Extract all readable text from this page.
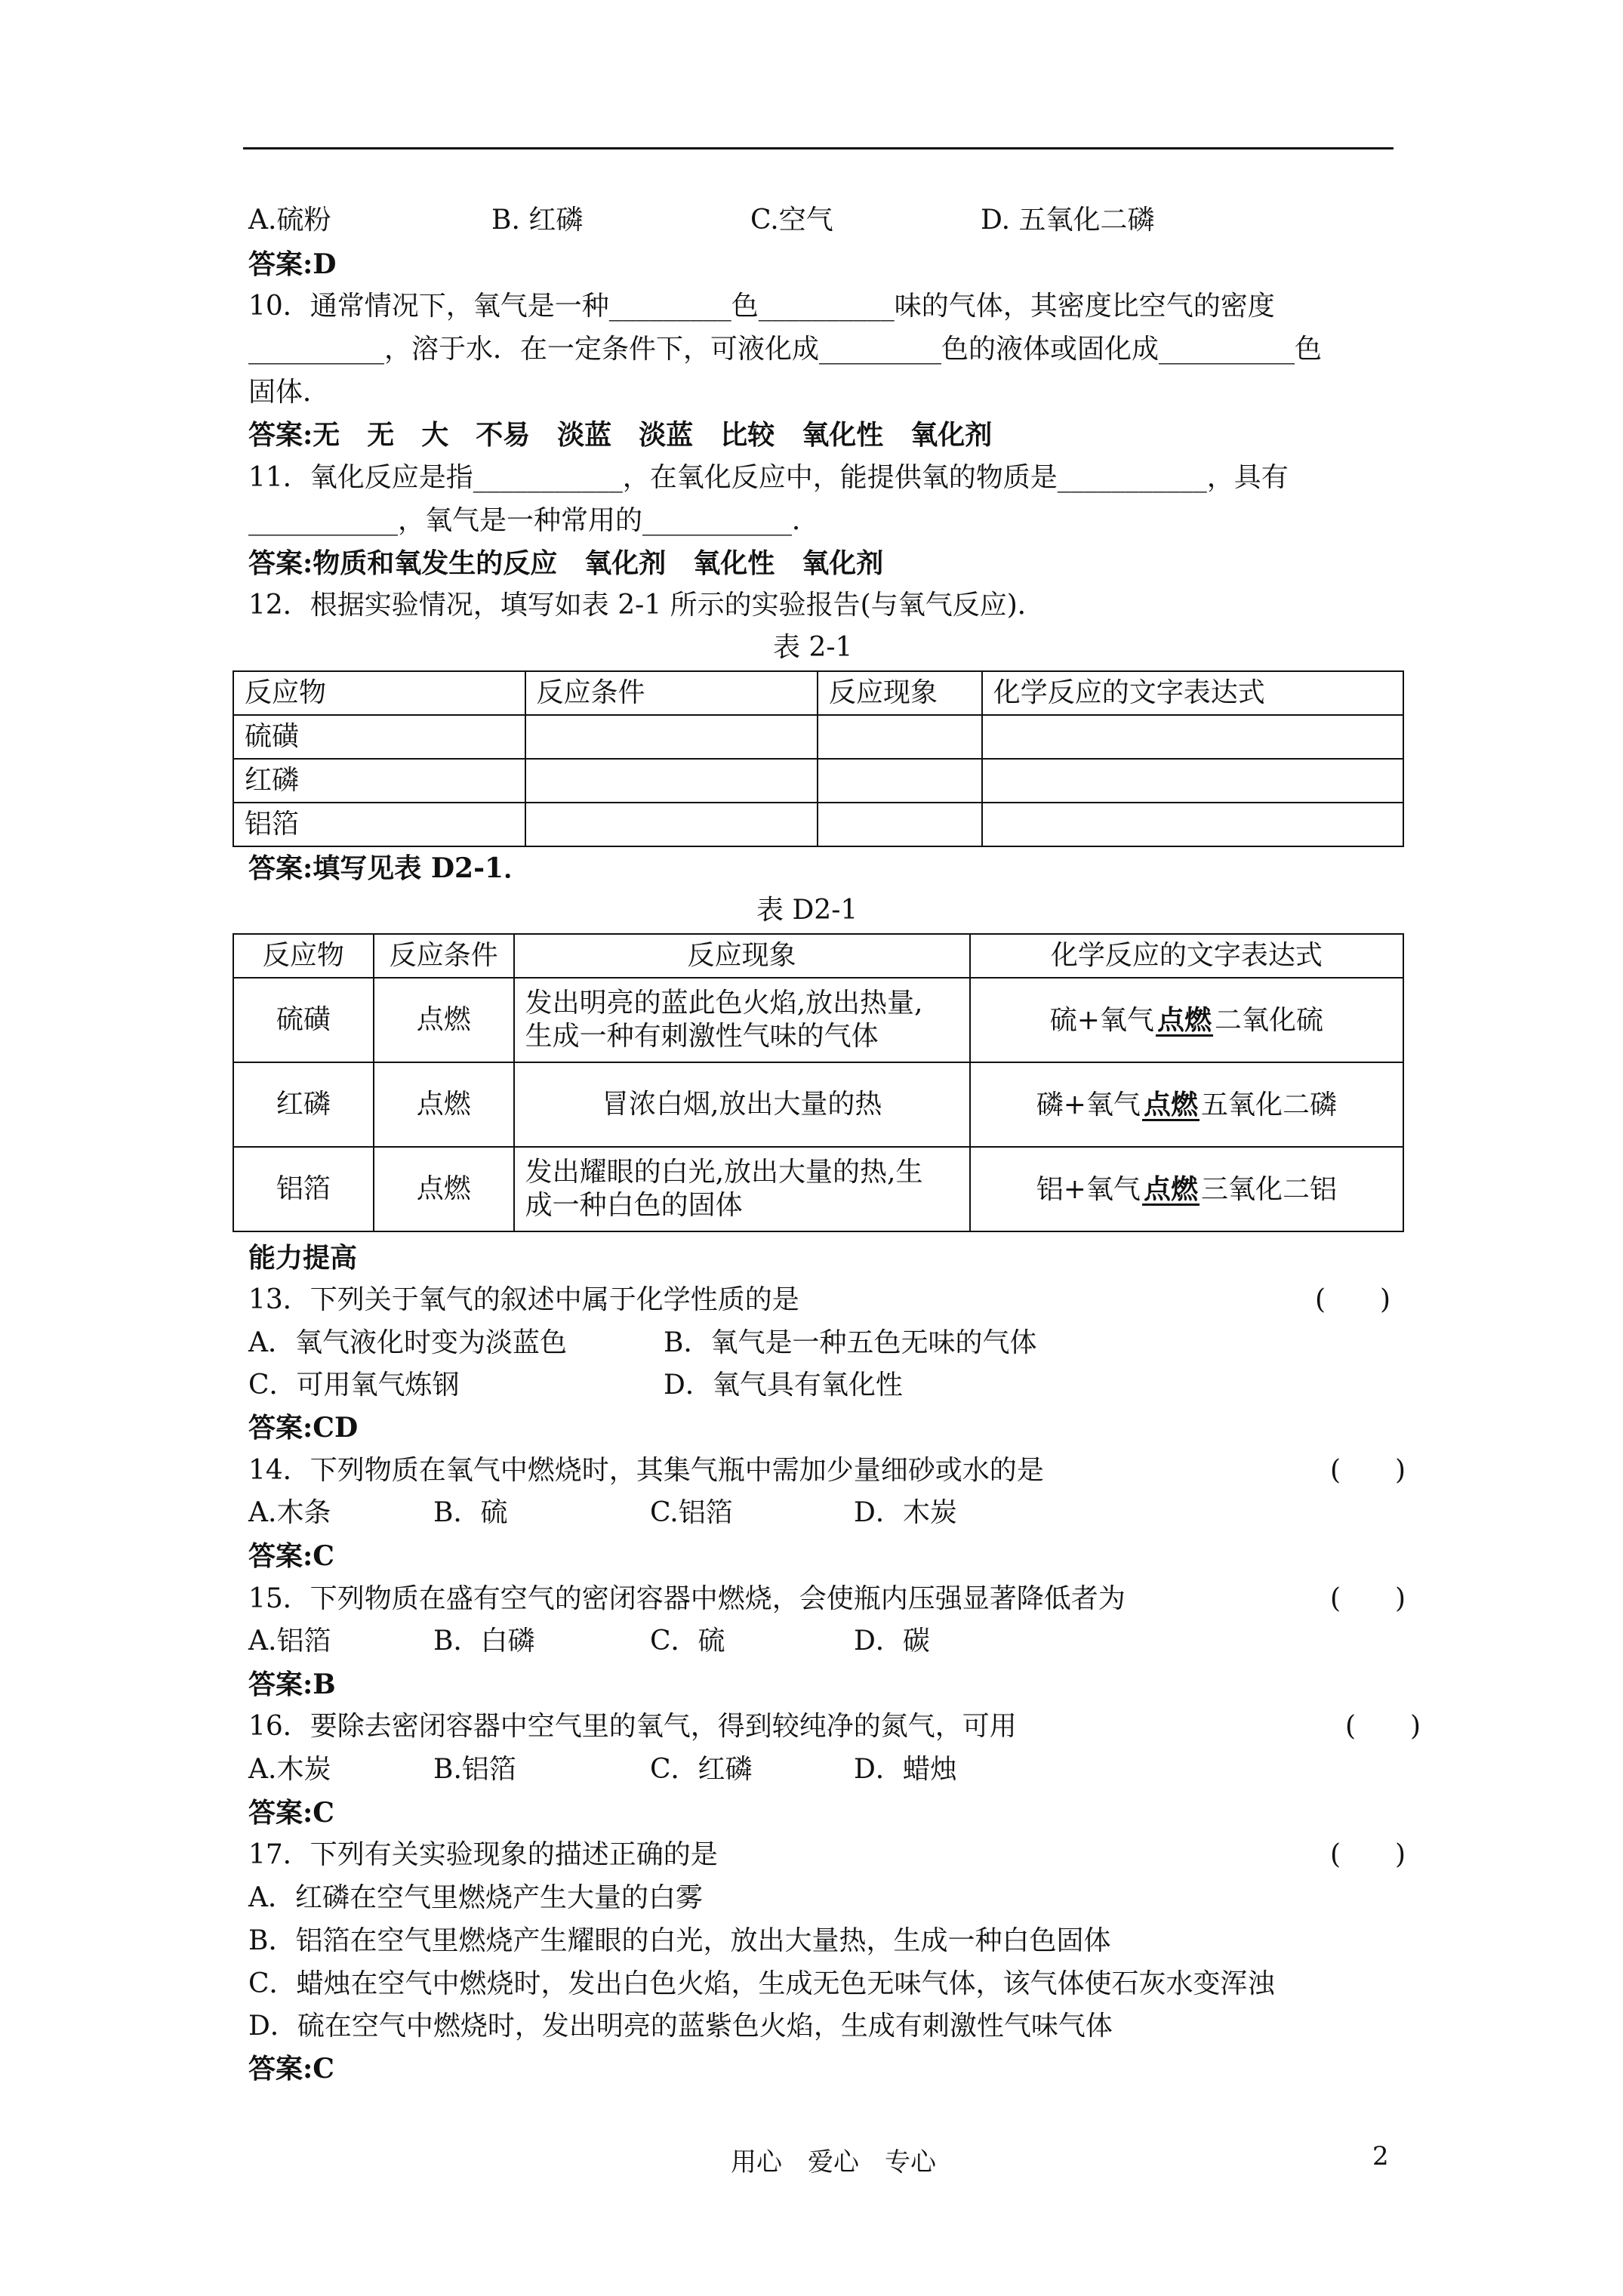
A.硫粉	B. 红磷	C.空气	D. 五氧化二磷
答案:D
10．通常情况下，氧气是一种_________色__________味的气体，其密度比空气的密度
__________，溶于水．在一定条件下，可液化成_________色的液体或固化成__________色
固体．
答案:无　无　大　不易　淡蓝　淡蓝　比较　氧化性　氧化剂
11．氧化反应是指___________，在氧化反应中，能提供氧的物质是___________，具有
___________，氧气是一种常用的___________．
答案:物质和氧发生的反应　氧化剂　氧化性　氧化剂
12．根据实验情况，填写如表 2-1 所示的实验报告(与氧气反应)．
表 2-1
反应物	反应条件	反应现象	化学反应的文字表达式
硫磺			
红磷			
铝箔			
答案:填写见表 D2-1．
表 D2-1
反应物	反应条件	反应现象	化学反应的文字表达式
硫磺	点燃	发出明亮的蓝此色火焰,放出热量,
生成一种有刺激性气味的气体	硫+氧气 点燃 二氧化硫
红磷	点燃	冒浓白烟,放出大量的热	磷+氧气 点燃 五氧化二磷
铝箔	点燃	发出耀眼的白光,放出大量的热,生
成一种白色的固体	铝+氧气 点燃 三氧化二铝
能力提高
13．下列关于氧气的叙述中属于化学性质的是	(　　)
A．氧气液化时变为淡蓝色	B．氧气是一种五色无味的气体
C．可用氧气炼钢	D．氧气具有氧化性
答案:CD
14．下列物质在氧气中燃烧时，其集气瓶中需加少量细砂或水的是	(　　)
A.木条	B．硫	C.铝箔	D．木炭
答案:C
15．下列物质在盛有空气的密闭容器中燃烧，会使瓶内压强显著降低者为	(　　)
A.铝箔	B．白磷	C．硫	D．碳
答案:B
16．要除去密闭容器中空气里的氧气，得到较纯净的氮气，可用	(　　)
A.木炭	B.铝箔	C．红磷	D．蜡烛
答案:C
17．下列有关实验现象的描述正确的是	(　　)
A．红磷在空气里燃烧产生大量的白雾
B．铝箔在空气里燃烧产生耀眼的白光，放出大量热，生成一种白色固体
C．蜡烛在空气中燃烧时，发出白色火焰，生成无色无味气体，该气体使石灰水变浑浊
D．硫在空气中燃烧时，发出明亮的蓝紫色火焰，生成有刺激性气味气体
答案:C
用心　爱心　专心	2
